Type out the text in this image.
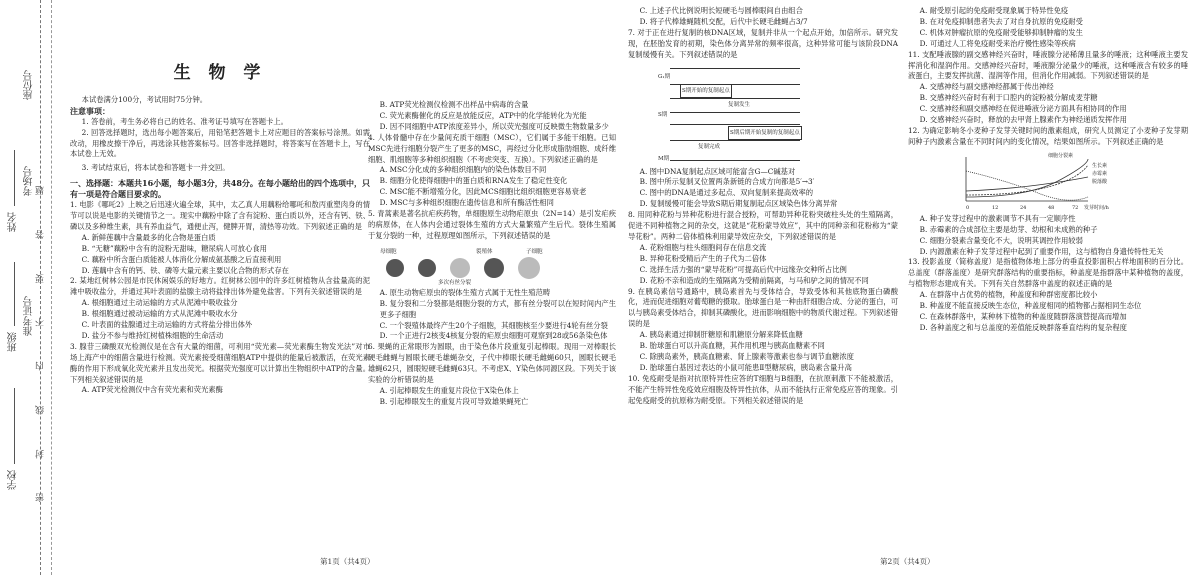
学校
班级
姓名
准考证号
考场号
座位号
密 封 线 内 不 要 答 题
生 物 学

本试卷满分100分，考试用时75分钟。

注意事项：

1. 答卷前，考生务必将自己的姓名、准考证号填写在答题卡上。

2. 回答选择题时，选出每小题答案后，用铅笔把答题卡上对应题目的答案标号涂黑。如需改动，用橡皮擦干净后，再选涂其他答案标号。回答非选择题时，将答案写在答题卡上，写在本试卷上无效。

3. 考试结束后，将本试卷和答题卡一并交回。

一、选择题：本题共16小题，每小题3分，共48分。在每小题给出的四个选项中，只有一项是符合题目要求的。

1. 电影《哪吒2》上映之后迅速火遍全球，其中，太乙真人用藕粉给哪吒和敖丙重塑肉身的情节可以说是电影的关键情节之一。现实中藕粉中除了含有淀粉、蛋白质以外，还含有钙、铁、磷以及多种维生素，具有养血益气，通便止泻，健脾开胃，清热等功效。下列叙述正确的是

A. 新鲜莲藕中含量最多的化合物是蛋白质

B. “无糖”藕粉中含有的淀粉无甜味，糖尿病人可放心食用

C. 藕粉中所含蛋白质能被人体消化分解成氨基酸之后直接利用

D. 莲藕中含有的钙、铁、磷等大量元素主要以化合物的形式存在

2. 某地红树林公园是市民休闲娱乐的好地方。红树林公园中的许多红树植物从含盐量高的泥滩中吸收盐分，并通过其叶表面的盐腺主动将盐排出体外避免盐害。下列有关叙述错误的是

A. 根细胞通过主动运输的方式从泥滩中吸收盐分

B. 根细胞通过被动运输的方式从泥滩中吸收水分

C. 叶表面的盐腺通过主动运输的方式将盐分排出体外

D. 盐分不参与维持红树植株细胞的生命活动

3. 腺苷三磷酸双光检测仪是在含有大量的细菌，可利用“荧光素—荧光素酶生物发光法”对市场上海产中的细菌含量进行检测。荧光素接受细菌细胞ATP中提供的能量后被激活，在荧光素酶的作用下形成氧化荧光素并且发出荧光。根据荧光强度可以计算出生物组织中ATP的含量。下列相关叙述错误的是

A. ATP荧光检测仪中含有荧光素和荧光素酶

B. ATP荧光检测仪检测不出样品中病毒的含量

C. 荧光素酶催化的反应是放能反应，ATP中的化学能转化为光能

D. 因不同细胞中ATP浓度差异小，所以荧光强度可反映微生物数量多少

4. 人体骨髓中存在少量间充质干细胞（MSC），它们属于多能干细胞。已知MSC先进行细胞分裂产生了更多的MSC，再经过分化形成脂肪细胞、成纤维细胞、肌细胞等多种组织细胞（不考虑突变、互换）。下列叙述正确的是

A. MSC分化成的多种组织细胞内的染色体数目不同

B. 细胞分化使得细胞中的蛋白质和RNA发生了稳定性变化

C. MSC能不断增殖分化，因此MCS细胞比组织细胞更容易衰老

D. MSC与多种组织细胞在遗传信息和所有酶活性相同

5. 青蒿素是著名抗疟疾药物，单细胞原生动物疟原虫（2N=14）是引发疟疾的病原体，在人体内会通过裂体生殖的方式大量繁殖产生后代。裂体生殖属于复分裂的一种，过程原理如图所示，下列叙述错误的是

母细胞	裂殖体	子细胞
多次有丝分裂

A. 原生动物疟原虫的裂体生殖方式属于无性生殖范畴

B. 复分裂和二分裂都是细胞分裂的方式，都有丝分裂可以在短时间内产生更多子细胞

C. 一个裂殖体最终产生20个子细胞，其细胞核至少要进行4轮有丝分裂

D. 一个正进行2核变4核复分裂的疟原虫细胞可观察到28或56条染色体

6. 果蝇的正常眼形为圆眼，由于染色体片段重复引起棒眼。现用一对棒眼长硬毛雌蝇与圆眼长硬毛雄蝇杂交，子代中棒眼长硬毛雌蝇60只，圆眼长硬毛雄蝇62只，圆眼短硬毛雌蝇63只。不考虑X、Y染色体同源区段。下列关于该实验的分析错误的是

A. 引起棒眼发生的重复片段位于X染色体上

B. 引起棒眼发生的重复片段可导致雄果蝇死亡

C. 上述子代比例说明长短硬毛与圆棒眼间自由组合

D. 将子代棒雄蝇随机交配，后代中长硬毛雌蝇占3/7

7. 对于正在进行复制的核DNA区域，复制并非从一个起点开始，加倍所示。研究发现，在胚胎发育的初期，染色体分离异常的频率很高，这种异常可能与该阶段DNA复制缓慢有关。下列叙述错误的是

G₁期
S期
S期开始的复制起点
复制发生
S期后期开始复制的复制起点
复制完成
M期

A. 图中DNA复制起点区域可能富含G—C碱基对

B. 图中所示复制叉位置两条新链的合成方向都是5′→3′

C. 图中的DNA是通过多起点、双向复制来提高效率的

D. 复制缓慢可能会导致S期后期复制起点区域染色体分离异常

8. 用同种花粉与异种花粉进行混合授粉，可帮助异种花粉突破柱头处的生殖隔离，促进不同种植物之间的杂交，这就是“花粉蒙导效应”，其中的同种亲和花粉称为“蒙导花粉”。两种二倍体植株利用蒙导效应杂交，下列叙述错误的是

A. 花粉细胞与柱头细胞间存在信息交流

B. 异种花粉受精后产生的子代为二倍体

C. 选择生活力强的“蒙导花粉”可提高后代中远缘杂交种所占比例

D. 花粉不亲和造成的生殖隔离为受精前隔离，与马和驴之间的情况不同

9. 在胰岛素信号通路中，胰岛素首先与受体结合，导致受体和其他底物蛋白磷酸化，进而促进细胞对葡萄糖的摄取。胎球蛋白是一种由肝细胞合成、分泌的蛋白，可以与胰岛素受体结合，抑制其磷酸化，进而影响细胞中的物质代谢过程。下列叙述错误的是

A. 胰岛素通过抑制肝糖原和肌糖原分解来降低血糖

B. 胎球蛋白可以升高血糖，其作用机理与胰高血糖素不同

C. 除胰岛素外，胰高血糖素、肾上腺素等激素也参与调节血糖浓度

D. 胎球蛋白基因过表达的小鼠可能患Ⅱ型糖尿病，胰岛素含量升高

10. 免疫耐受是指对抗原特异性应答的T细胞与B细胞，在抗原刺激下不能被激活，不能产生特异性免疫效应细胞及特异性抗体，从而不能执行正常免疫应答的现象。引起免疫耐受的抗原称为耐受原。下列相关叙述错误的是

A. 耐受原引起的免疫耐受现象属于特异性免疫

B. 在对免疫抑制患者失去了对自身抗原的免疫耐受

C. 机体对肿瘤抗原的免疫耐受能够抑制肿瘤的发生

D. 可通过人工将免疫耐受来治疗慢性感染等疾病

11. 支配唾液腺的副交感神经兴奋时，唾液腺分泌稀薄且量多的唾液；这种唾液主要发挥消化和湿润作用。交感神经兴奋时，唾液腺分泌量少的唾液，这种唾液含有较多的唾液蛋白，主要发挥抗菌、湿润等作用，但消化作用减弱。下列叙述错误的是

A. 交感神经与副交感神经都属于传出神经

B. 交感神经兴奋时有利于口腔内的淀粉被分解成麦芽糖

C. 交感神经和副交感神经在促进唾液分泌方面具有相协同的作用

D. 交感神经兴奋时，释放的去甲肾上腺素作为神经递质发挥作用

12. 为确定影响冬小麦种子发芽关键时间的激素组成，研究人员测定了小麦种子发芽期间种子内激素含量在不同时间内的变化情况，结果如图所示。下列叙述正确的是

细胞分裂素
生长素
赤霉素
脱落酸
0	12	24	48	72 发芽时间/h

A. 种子发芽过程中的激素调节不具有一定顺序性

B. 赤霉素的合成部位主要是幼芽、幼根和未成熟的种子

C. 细胞分裂素含量变化不大，说明其调控作用较弱

D. 内源激素在种子发芽过程中起到了重要作用，这与植物自身遗传特性无关

13. 投影盖度（简称盖度）是指植物体地上部分的垂直投影面积占样地面积的百分比。总盖度（群落盖度）是研究群落结构的重要指标，种盖度是指群落中某种植物的盖度，与植物形态建成有关。下列有关自然群落中盖度的叙述正确的是

A. 在群落中占优势的植物，种盖度和种群密度都比较小

B. 种盖度不能直接反映生态位，种盖度相同的植物都占据相同生态位

C. 在森林群落中，某种林下植物的种盖度随群落演替提高而增加

D. 各种盖度之和与总盖度的差值能反映群落垂直结构的复杂程度

第1页（共4页）	第2页（共4页）
